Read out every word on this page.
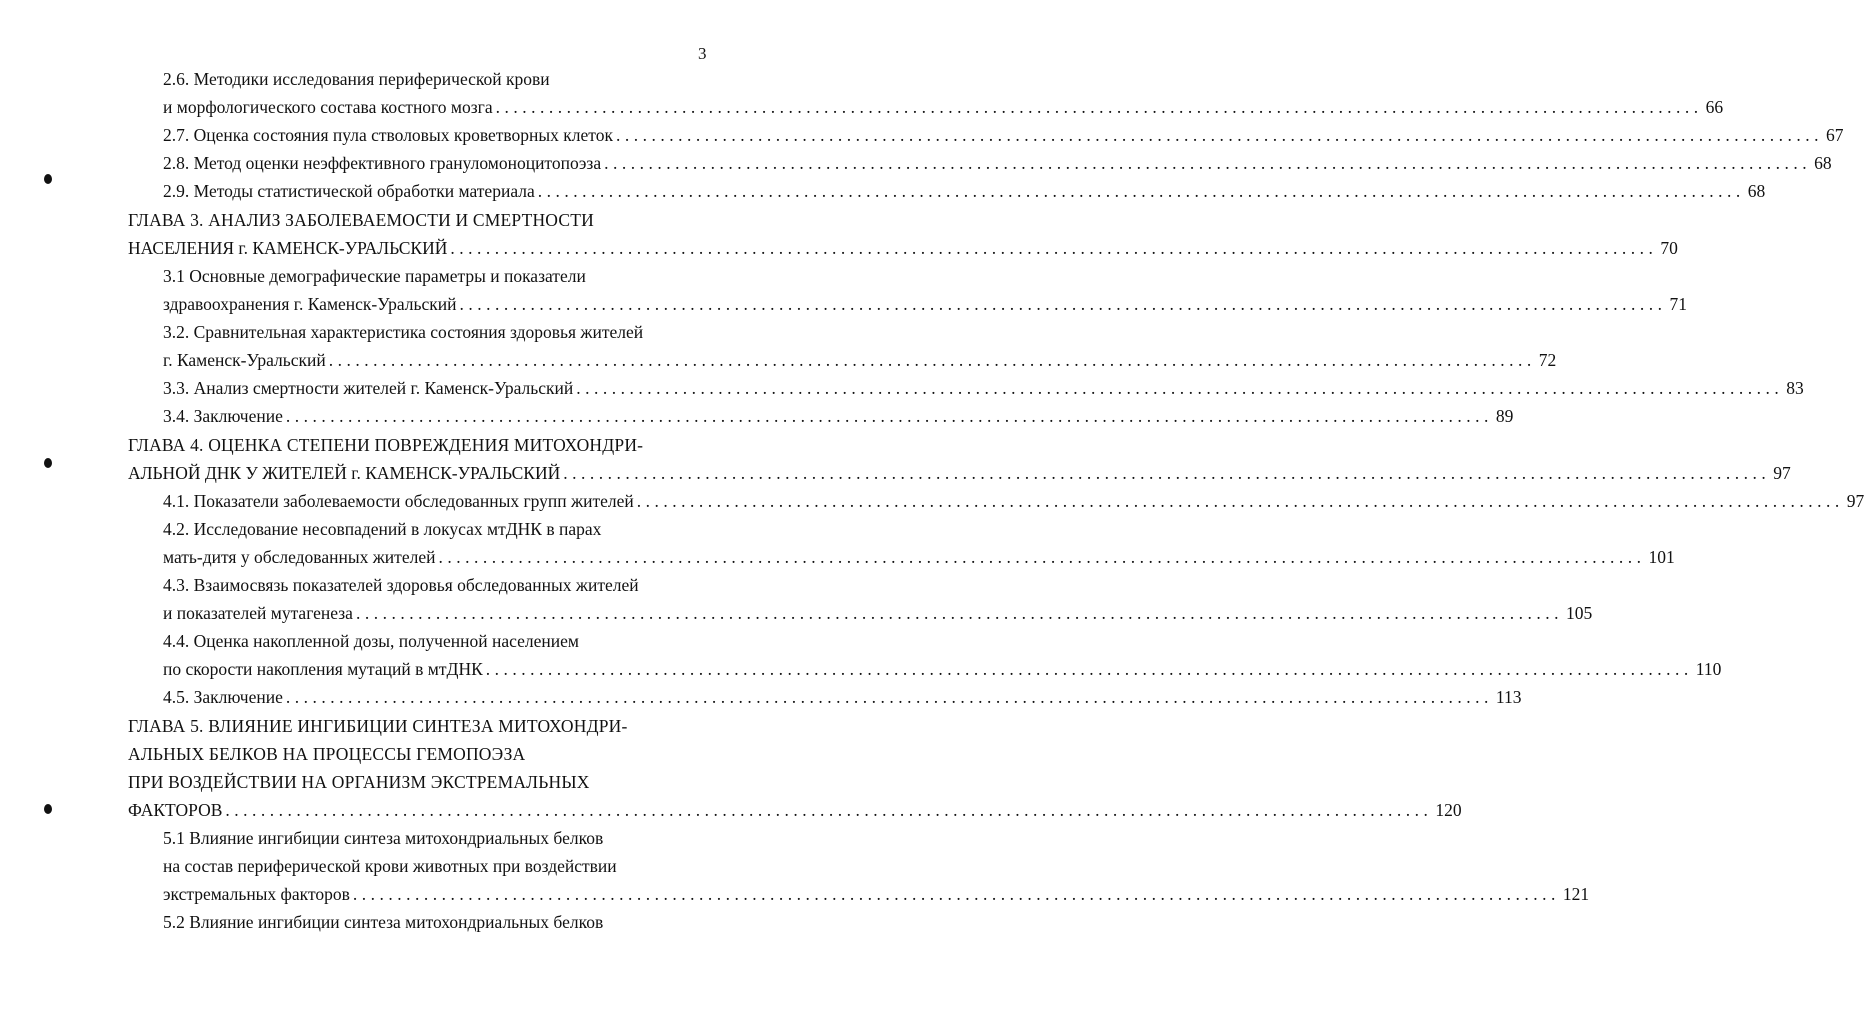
3
2.6. Методики исследования периферической крови
и морфологического состава костного мозга ........................................................................................................................................ 66
2.7. Оценка состояния пула стволовых кроветворных клеток ........................................................................................................................................ 67
2.8. Метод оценки неэффективного грануломоноцитопоэза ........................................................................................................................................ 68
2.9. Методы статистической обработки материала ........................................................................................................................................ 68
ГЛАВА 3. АНАЛИЗ ЗАБОЛЕВАЕМОСТИ И СМЕРТНОСТИ
НАСЕЛЕНИЯ г. КАМЕНСК-УРАЛЬСКИЙ ........................................................................................................................................ 70
3.1 Основные демографические параметры и показатели
здравоохранения г. Каменск-Уральский ........................................................................................................................................ 71
3.2. Сравнительная характеристика состояния здоровья жителей
г. Каменск-Уральский ........................................................................................................................................ 72
3.3. Анализ смертности жителей г. Каменск-Уральский ........................................................................................................................................ 83
3.4. Заключение ........................................................................................................................................ 89
ГЛАВА 4. ОЦЕНКА СТЕПЕНИ ПОВРЕЖДЕНИЯ МИТОХОНДРИ-
АЛЬНОЙ ДНК У ЖИТЕЛЕЙ г. КАМЕНСК-УРАЛЬСКИЙ ........................................................................................................................................ 97
4.1. Показатели заболеваемости обследованных групп жителей ........................................................................................................................................ 97
4.2. Исследование несовпадений в локусах мтДНК в парах
мать-дитя у обследованных жителей ........................................................................................................................................ 101
4.3. Взаимосвязь показателей здоровья обследованных жителей
и показателей мутагенеза ........................................................................................................................................ 105
4.4. Оценка накопленной дозы, полученной населением
по скорости накопления мутаций в мтДНК ........................................................................................................................................ 110
4.5. Заключение ........................................................................................................................................ 113
ГЛАВА 5. ВЛИЯНИЕ ИНГИБИЦИИ СИНТЕЗА МИТОХОНДРИ-
АЛЬНЫХ БЕЛКОВ НА ПРОЦЕССЫ ГЕМОПОЭЗА
ПРИ ВОЗДЕЙСТВИИ НА ОРГАНИЗМ ЭКСТРЕМАЛЬНЫХ
ФАКТОРОВ ........................................................................................................................................ 120
5.1 Влияние ингибиции синтеза митохондриальных белков
на состав периферической крови животных при воздействии
экстремальных факторов ........................................................................................................................................ 121
5.2 Влияние ингибиции синтеза митохондриальных белков
